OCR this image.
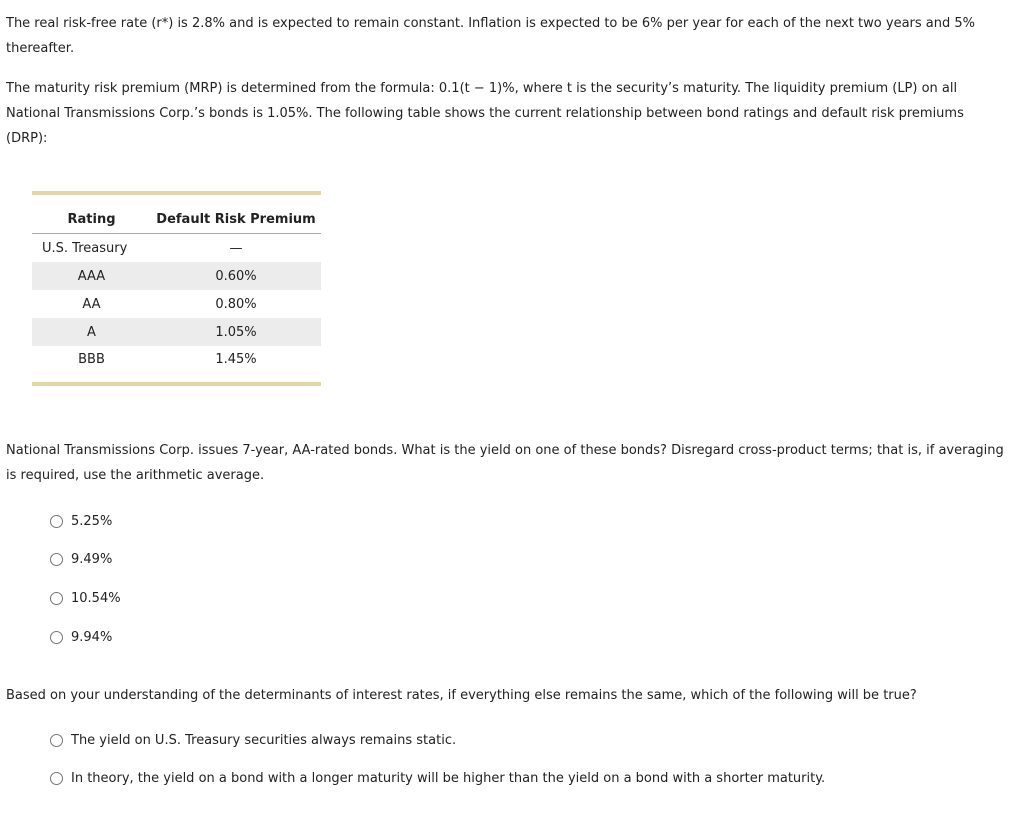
The real risk-free rate (r*) is 2.8% and is expected to remain constant. Inflation is expected to be 6% per year for each of the next two years and 5% thereafter.

The maturity risk premium (MRP) is determined from the formula: 0.1(t − 1)%, where t is the security’s maturity. The liquidity premium (LP) on all National Transmissions Corp.’s bonds is 1.05%. The following table shows the current relationship between bond ratings and default risk premiums (DRP):

Rating	Default Risk Premium
U.S. Treasury	—
AAA	0.60%
AA	0.80%
A	1.05%
BBB	1.45%

National Transmissions Corp. issues 7-year, AA-rated bonds. What is the yield on one of these bonds? Disregard cross-product terms; that is, if averaging is required, use the arithmetic average.

5.25%
9.49%
10.54%
9.94%

Based on your understanding of the determinants of interest rates, if everything else remains the same, which of the following will be true?

The yield on U.S. Treasury securities always remains static.
In theory, the yield on a bond with a longer maturity will be higher than the yield on a bond with a shorter maturity.
